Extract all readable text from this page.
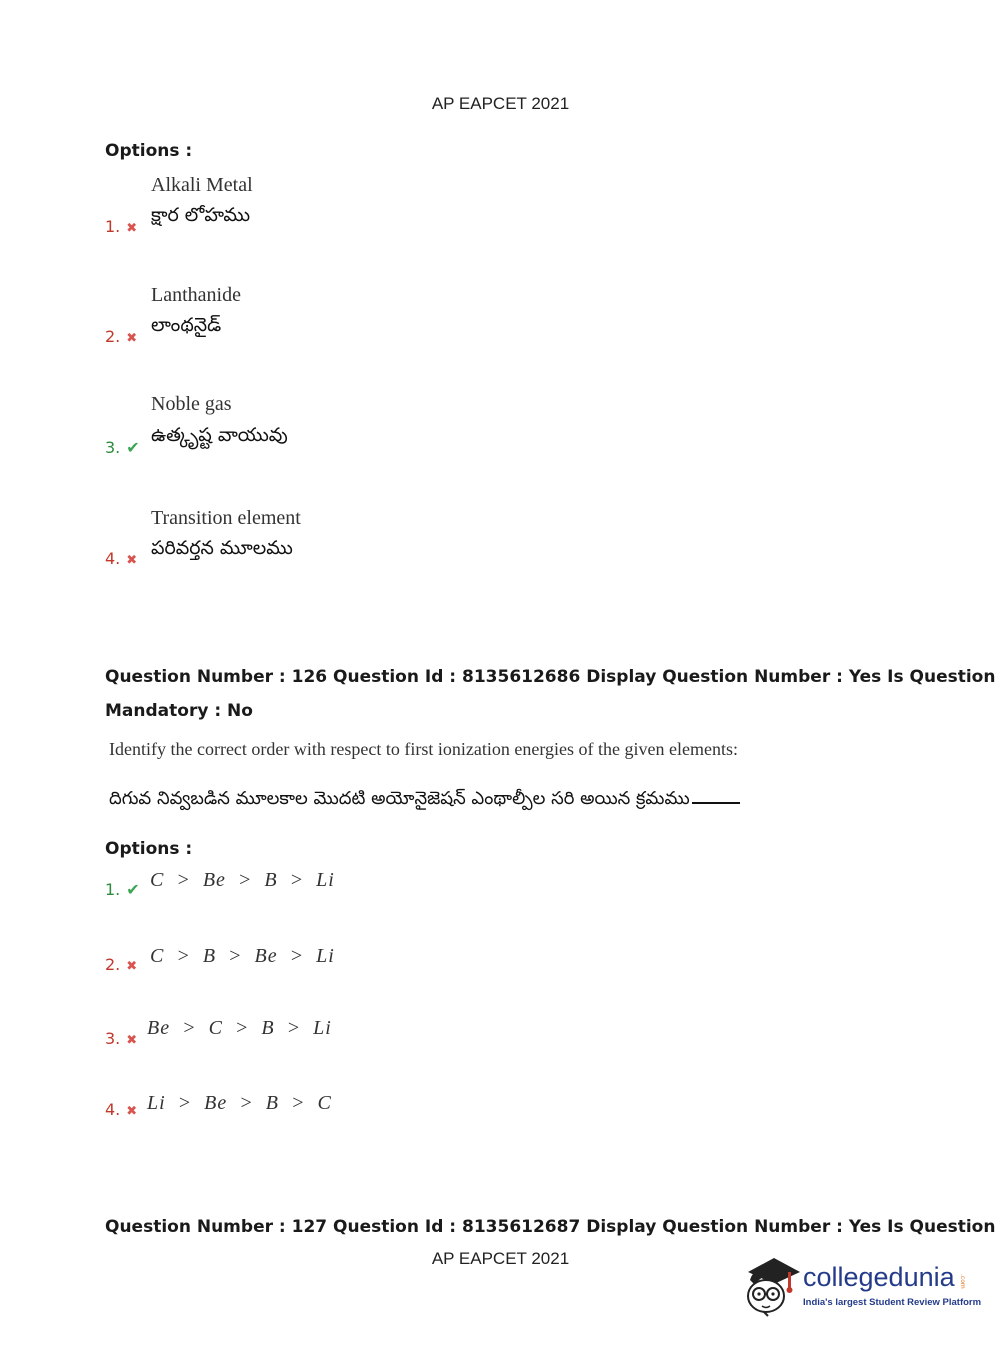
AP EAPCET 2021
Options :
Alkali Metal
క్షార లోహము
1. ✖
Lanthanide
లాంథనైడ్
2. ✖
Noble gas
ఉత్కృష్ట వాయువు
3. ✔
Transition element
పరివర్తన మూలము
4. ✖
Question Number : 126 Question Id : 8135612686 Display Question Number : Yes Is Question
Mandatory : No
Identify the correct order with respect to first ionization energies of the given elements:
దిగువ నివ్వబడిన మూలకాల మొదటి అయోనైజెషన్ ఎంథాల్పీల సరి అయిన క్రమము
Options :
C  >  Be  >  B  >  Li
1. ✔
C  >  B  >  Be  >  Li
2. ✖
Be  >  C  >  B  >  Li
3. ✖
Li  >  Be  >  B  >  C
4. ✖
Question Number : 127 Question Id : 8135612687 Display Question Number : Yes Is Question
AP EAPCET 2021
collegedunia .com
India's largest Student Review Platform
